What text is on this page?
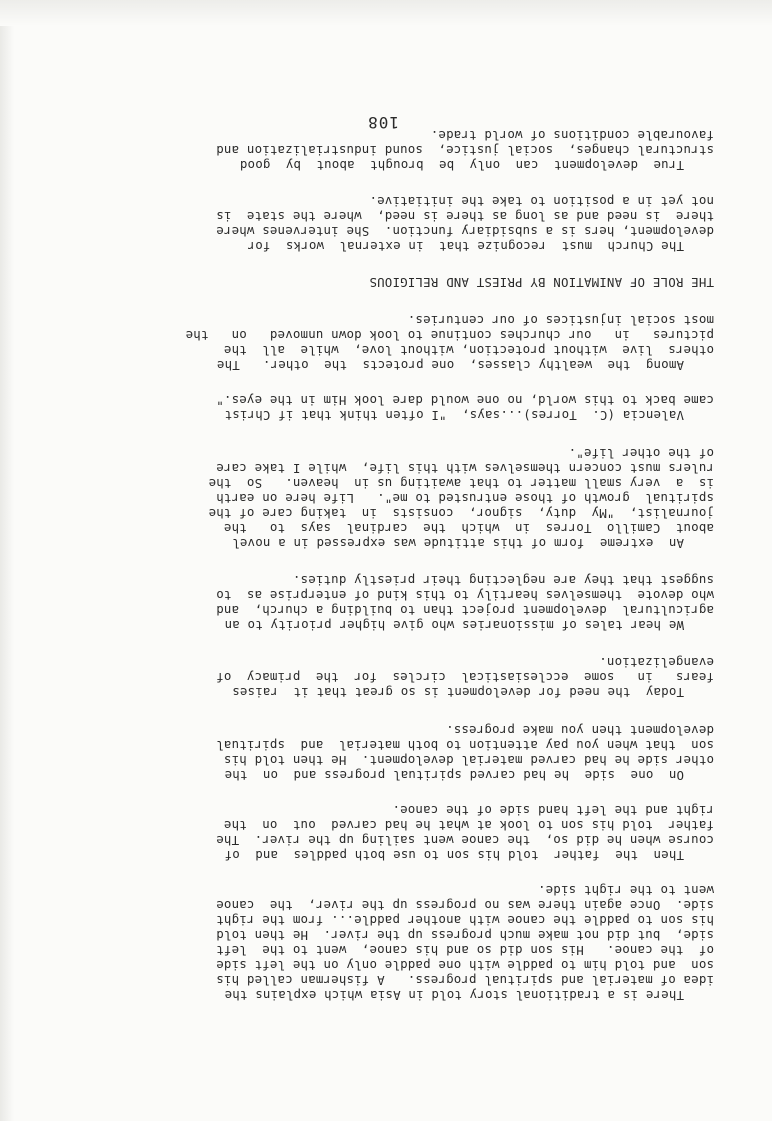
There is a traditional story told in Asia which explains the
idea of material and spiritual progress.   A fisherman called his
son  and told him to paddle with one paddle only on the left side
of  the canoe.   His son did so and his canoe,  went to the  left
side,  but did not make much progress up the river.  He then told
his son to paddle the canoe with another paddle... from the right
side.  Once again there was no progress up the river,  the  canoe
went to the right side.
Then  the  father  told his son to use both paddles  and  of
course when he did so,  the canoe went sailing up the river.  The
father  told his son to look at what he had carved  out  on  the
right and the left hand side of the canoe.
On  one  side  he had carved spiritual progress and  on  the
other side he had carved material development.  He then told his
son  that when you pay attention to both material  and  spiritual
development then you make progress.
Today  the need for development is so great that it  raises
fears   in   some  ecclesiastical  circles  for  the  primacy  of
evangelization.
We hear tales of missionaries who give higher priority to an
agricultural  development project than to building a church,  and
who devote  themselves heartily to this kind of enterprise as  to
suggest that they are neglecting their priestly duties.
An  extreme  form of this attitude was expressed in a novel
about  Camillo  Torres  in  which  the  cardinal  says  to   the
journalist,  "My  duty,  signor,  consists  in  taking care of the
spiritual  growth of those entrusted to me".   Life here on earth
is  a  very small matter to that awaiting us in  heaven.   So  the
rulers must concern themselves with this life,  while I take care
of the other life".
Valencia (C.  Torres)...says,  "I often think that if Christ
came back to this world, no one would dare look Him in the eyes."
Among  the  wealthy classes,  one protects  the  other.   The
others  live  without protection, without love,  while  all  the
pictures   in   our churches continue to look down unmoved   on   the
most social injustices of our centuries.
THE ROLE OF ANIMATION BY PRIEST AND RELIGIOUS
The Church  must  recognize that  in external  works  for
development, hers is a subsidiary function.  She intervenes where
there  is need and as long as there is need,  where the state  is
not yet in a position to take the initiative.
True  development  can  only  be  brought  about  by  good
structural changes,  social justice,  sound industrialization and
favourable conditions of world trade.
108
